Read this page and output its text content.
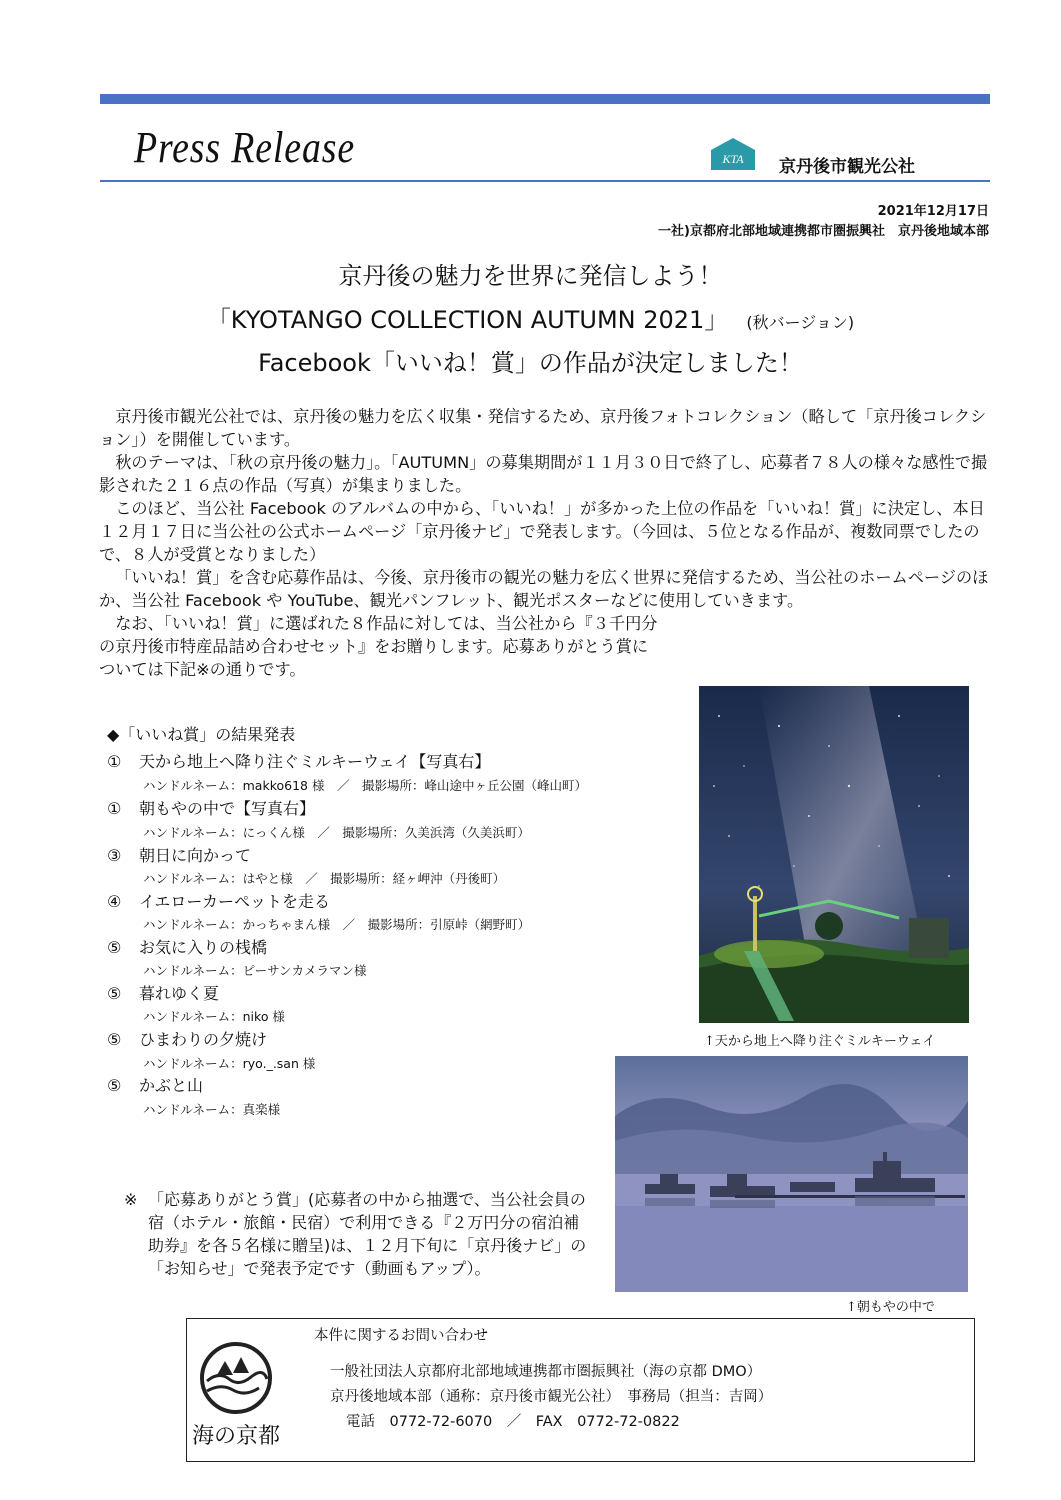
Press Release	KTA 京丹後市観光公社
2021年12月17日
一社)京都府北部地域連携都市圏振興社　京丹後地域本部
京丹後の魅力を世界に発信しよう！
「KYOTANGO COLLECTION AUTUMN 2021」 (秋バージョン)
Facebook「いいね！賞」の作品が決定しました！

京丹後市観光公社では、京丹後の魅力を広く収集・発信するため、京丹後フォトコレクション（略して「京丹後コレクション」）を開催しています。

秋のテーマは、「秋の京丹後の魅力」。「AUTUMN」の募集期間が１１月３０日で終了し、応募者７８人の様々な感性で撮影された２１６点の作品（写真）が集まりました。

このほど、当公社 Facebook のアルバムの中から、「いいね！」が多かった上位の作品を「いいね！賞」に決定し、本日１２月１７日に当公社の公式ホームページ「京丹後ナビ」で発表します。（今回は、５位となる作品が、複数同票でしたので、８人が受賞となりました）

「いいね！賞」を含む応募作品は、今後、京丹後市の観光の魅力を広く世界に発信するため、当公社のホームページのほか、当公社 Facebook や YouTube、観光パンフレット、観光ポスターなどに使用していきます。

なお、「いいね！賞」に選ばれた８作品に対しては、当公社から『３千円分の京丹後市特産品詰め合わせセット』をお贈りします。応募ありがとう賞については下記※の通りです。

◆「いいね賞」の結果発表
① 天から地上へ降り注ぐミルキーウェイ【写真右】
ハンドルネーム：makko618 様　／　撮影場所：峰山途中ヶ丘公園（峰山町）
① 朝もやの中で【写真右】
ハンドルネーム：にっくん様　／　撮影場所：久美浜湾（久美浜町）
③ 朝日に向かって
ハンドルネーム：はやと様　／　撮影場所：経ヶ岬沖（丹後町）
④ イエローカーペットを走る
ハンドルネーム：かっちゃまん様　／　撮影場所：引原峠（網野町）
⑤ お気に入りの桟橋
ハンドルネーム：ピーサンカメラマン様
⑤ 暮れゆく夏
ハンドルネーム：niko 様
⑤ ひまわりの夕焼け
ハンドルネーム：ryo._.san 様
⑤ かぶと山
ハンドルネーム：真楽様
↑天から地上へ降り注ぐミルキーウェイ
↑朝もやの中で
※ 「応募ありがとう賞」(応募者の中から抽選で、当公社会員の宿（ホテル・旅館・民宿）で利用できる『２万円分の宿泊補助券』を各５名様に贈呈)は、１２月下旬に「京丹後ナビ」の「お知らせ」で発表予定です（動画もアップ）。
海の京都
本件に関するお問い合わせ
一般社団法人京都府北部地域連携都市圏振興社（海の京都 DMO）
京丹後地域本部（通称：京丹後市観光公社）　事務局（担当：吉岡）
電話　0772-72-6070　／　FAX　0772-72-0822
